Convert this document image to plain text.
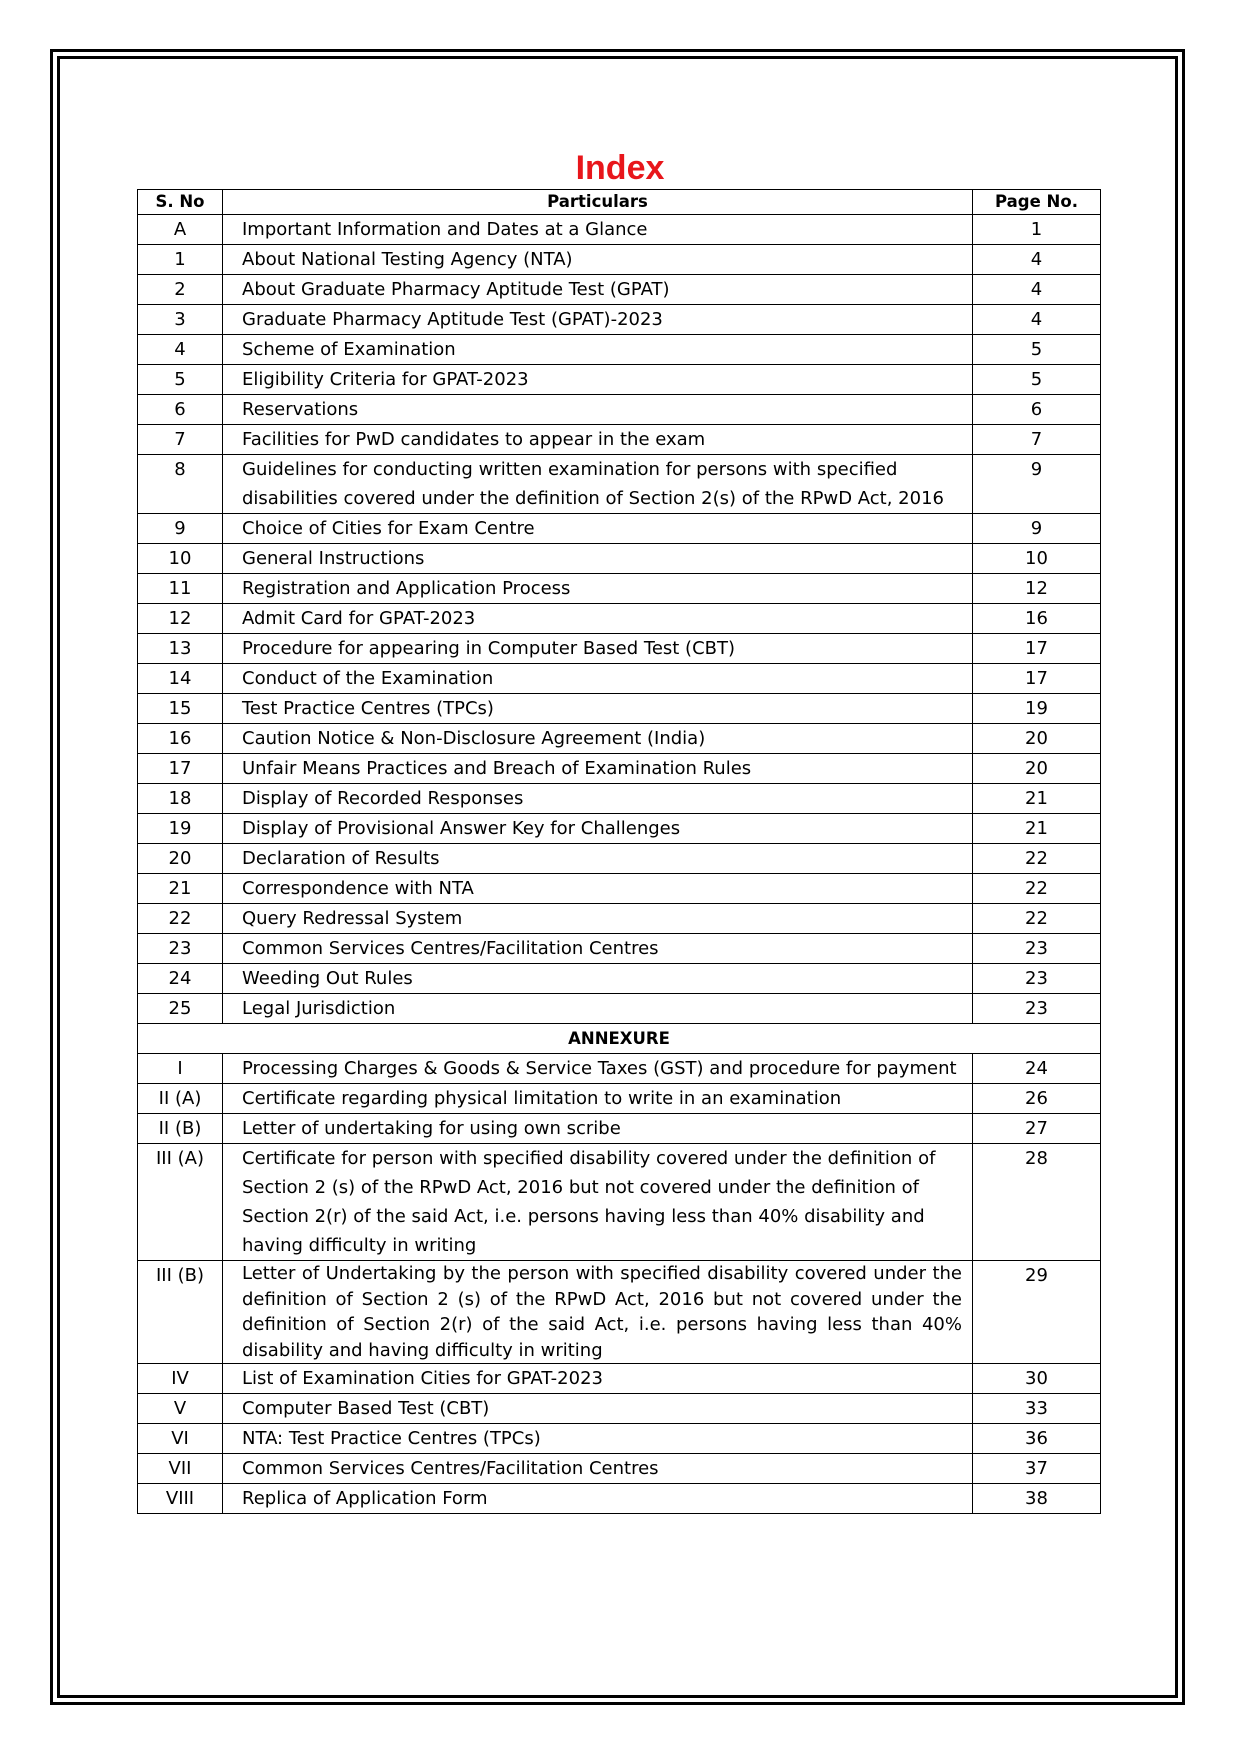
Index
S. No	Particulars	Page No.
A	Important Information and Dates at a Glance	1
1	About National Testing Agency (NTA)	4
2	About Graduate Pharmacy Aptitude Test (GPAT)	4
3	Graduate Pharmacy Aptitude Test (GPAT)-2023	4
4	Scheme of Examination	5
5	Eligibility Criteria for GPAT-2023	5
6	Reservations	6
7	Facilities for PwD candidates to appear in the exam	7
8	Guidelines for conducting written examination for persons with specified disabilities covered under the definition of Section 2(s) of the RPwD Act, 2016	9
9	Choice of Cities for Exam Centre	9
10	General Instructions	10
11	Registration and Application Process	12
12	Admit Card for GPAT-2023	16
13	Procedure for appearing in Computer Based Test (CBT)	17
14	Conduct of the Examination	17
15	Test Practice Centres (TPCs)	19
16	Caution Notice & Non-Disclosure Agreement (India)	20
17	Unfair Means Practices and Breach of Examination Rules	20
18	Display of Recorded Responses	21
19	Display of Provisional Answer Key for Challenges	21
20	Declaration of Results	22
21	Correspondence with NTA	22
22	Query Redressal System	22
23	Common Services Centres/Facilitation Centres	23
24	Weeding Out Rules	23
25	Legal Jurisdiction	23
ANNEXURE		
I	Processing Charges & Goods & Service Taxes (GST) and procedure for payment	24
II (A)	Certificate regarding physical limitation to write in an examination	26
II (B)	Letter of undertaking for using own scribe	27
III (A)	Certificate for person with specified disability covered under the definition of Section 2 (s) of the RPwD Act, 2016 but not covered under the definition of Section 2(r) of the said Act, i.e. persons having less than 40% disability and having difficulty in writing	28
III (B)	Letter of Undertaking by the person with specified disability covered under the definition of Section 2 (s) of the RPwD Act, 2016 but not covered under the definition of Section 2(r) of the said Act, i.e. persons having less than 40% disability and having difficulty in writing	29
IV	List of Examination Cities for GPAT-2023	30
V	Computer Based Test (CBT)	33
VI	NTA: Test Practice Centres (TPCs)	36
VII	Common Services Centres/Facilitation Centres	37
VIII	Replica of Application Form	38
